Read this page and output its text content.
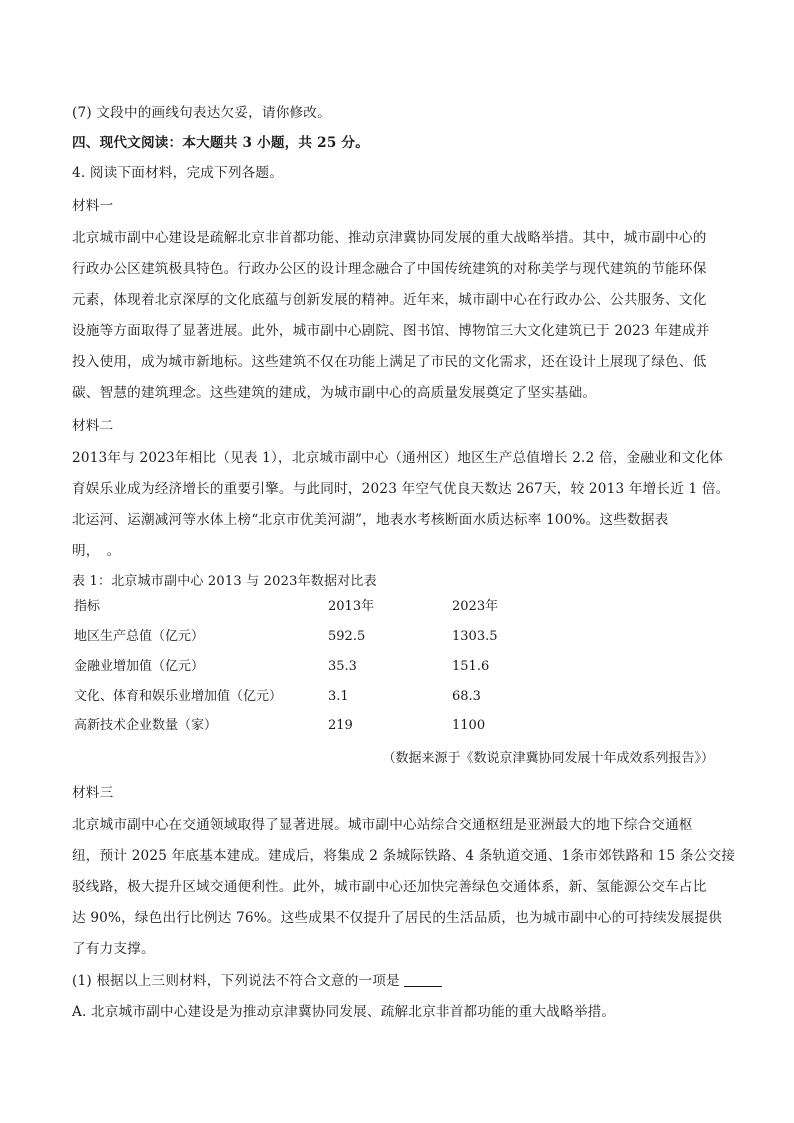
(7) 文段中的画线句表达欠妥，请你修改。
四、现代文阅读：本大题共 3 小题，共 25 分。
4. 阅读下面材料，完成下列各题。
材料一
北京城市副中心建设是疏解北京非首都功能、推动京津冀协同发展的重大战略举措。其中，城市副中心的
行政办公区建筑极具特色。行政办公区的设计理念融合了中国传统建筑的对称美学与现代建筑的节能环保
元素，体现着北京深厚的文化底蕴与创新发展的精神。近年来，城市副中心在行政办公、公共服务、文化
设施等方面取得了显著进展。此外，城市副中心剧院、图书馆、博物馆三大文化建筑已于 2023 年建成并
投入使用，成为城市新地标。这些建筑不仅在功能上满足了市民的文化需求，还在设计上展现了绿色、低
碳、智慧的建筑理念。这些建筑的建成，为城市副中心的高质量发展奠定了坚实基础。
材料二
2013年与 2023年相比（见表 1），北京城市副中心（通州区）地区生产总值增长 2.2 倍，金融业和文化体
育娱乐业成为经济增长的重要引擎。与此同时，2023 年空气优良天数达 267天，较 2013 年增长近 1 倍。
北运河、运潮减河等水体上榜“北京市优美河湖”，地表水考核断面水质达标率 100%。这些数据表
明，　。
表 1：北京城市副中心 2013 与 2023年数据对比表
指标	2013年	2023年
地区生产总值（亿元）	592.5	1303.5
金融业增加值（亿元）	35.3	151.6
文化、体育和娱乐业增加值（亿元）	3.1	68.3
高新技术企业数量（家）	219	1100
（数据来源于《数说京津冀协同发展十年成效系列报告》）
材料三
北京城市副中心在交通领域取得了显著进展。城市副中心站综合交通枢纽是亚洲最大的地下综合交通枢
纽，预计 2025 年底基本建成。建成后，将集成 2 条城际铁路、4 条轨道交通、1条市郊铁路和 15 条公交接
驳线路，极大提升区域交通便利性。此外，城市副中心还加快完善绿色交通体系，新、氢能源公交车占比
达 90%，绿色出行比例达 76%。这些成果不仅提升了居民的生活品质，也为城市副中心的可持续发展提供
了有力支撑。
(1) 根据以上三则材料，下列说法不符合文意的一项是
A. 北京城市副中心建设是为推动京津冀协同发展、疏解北京非首都功能的重大战略举措。
